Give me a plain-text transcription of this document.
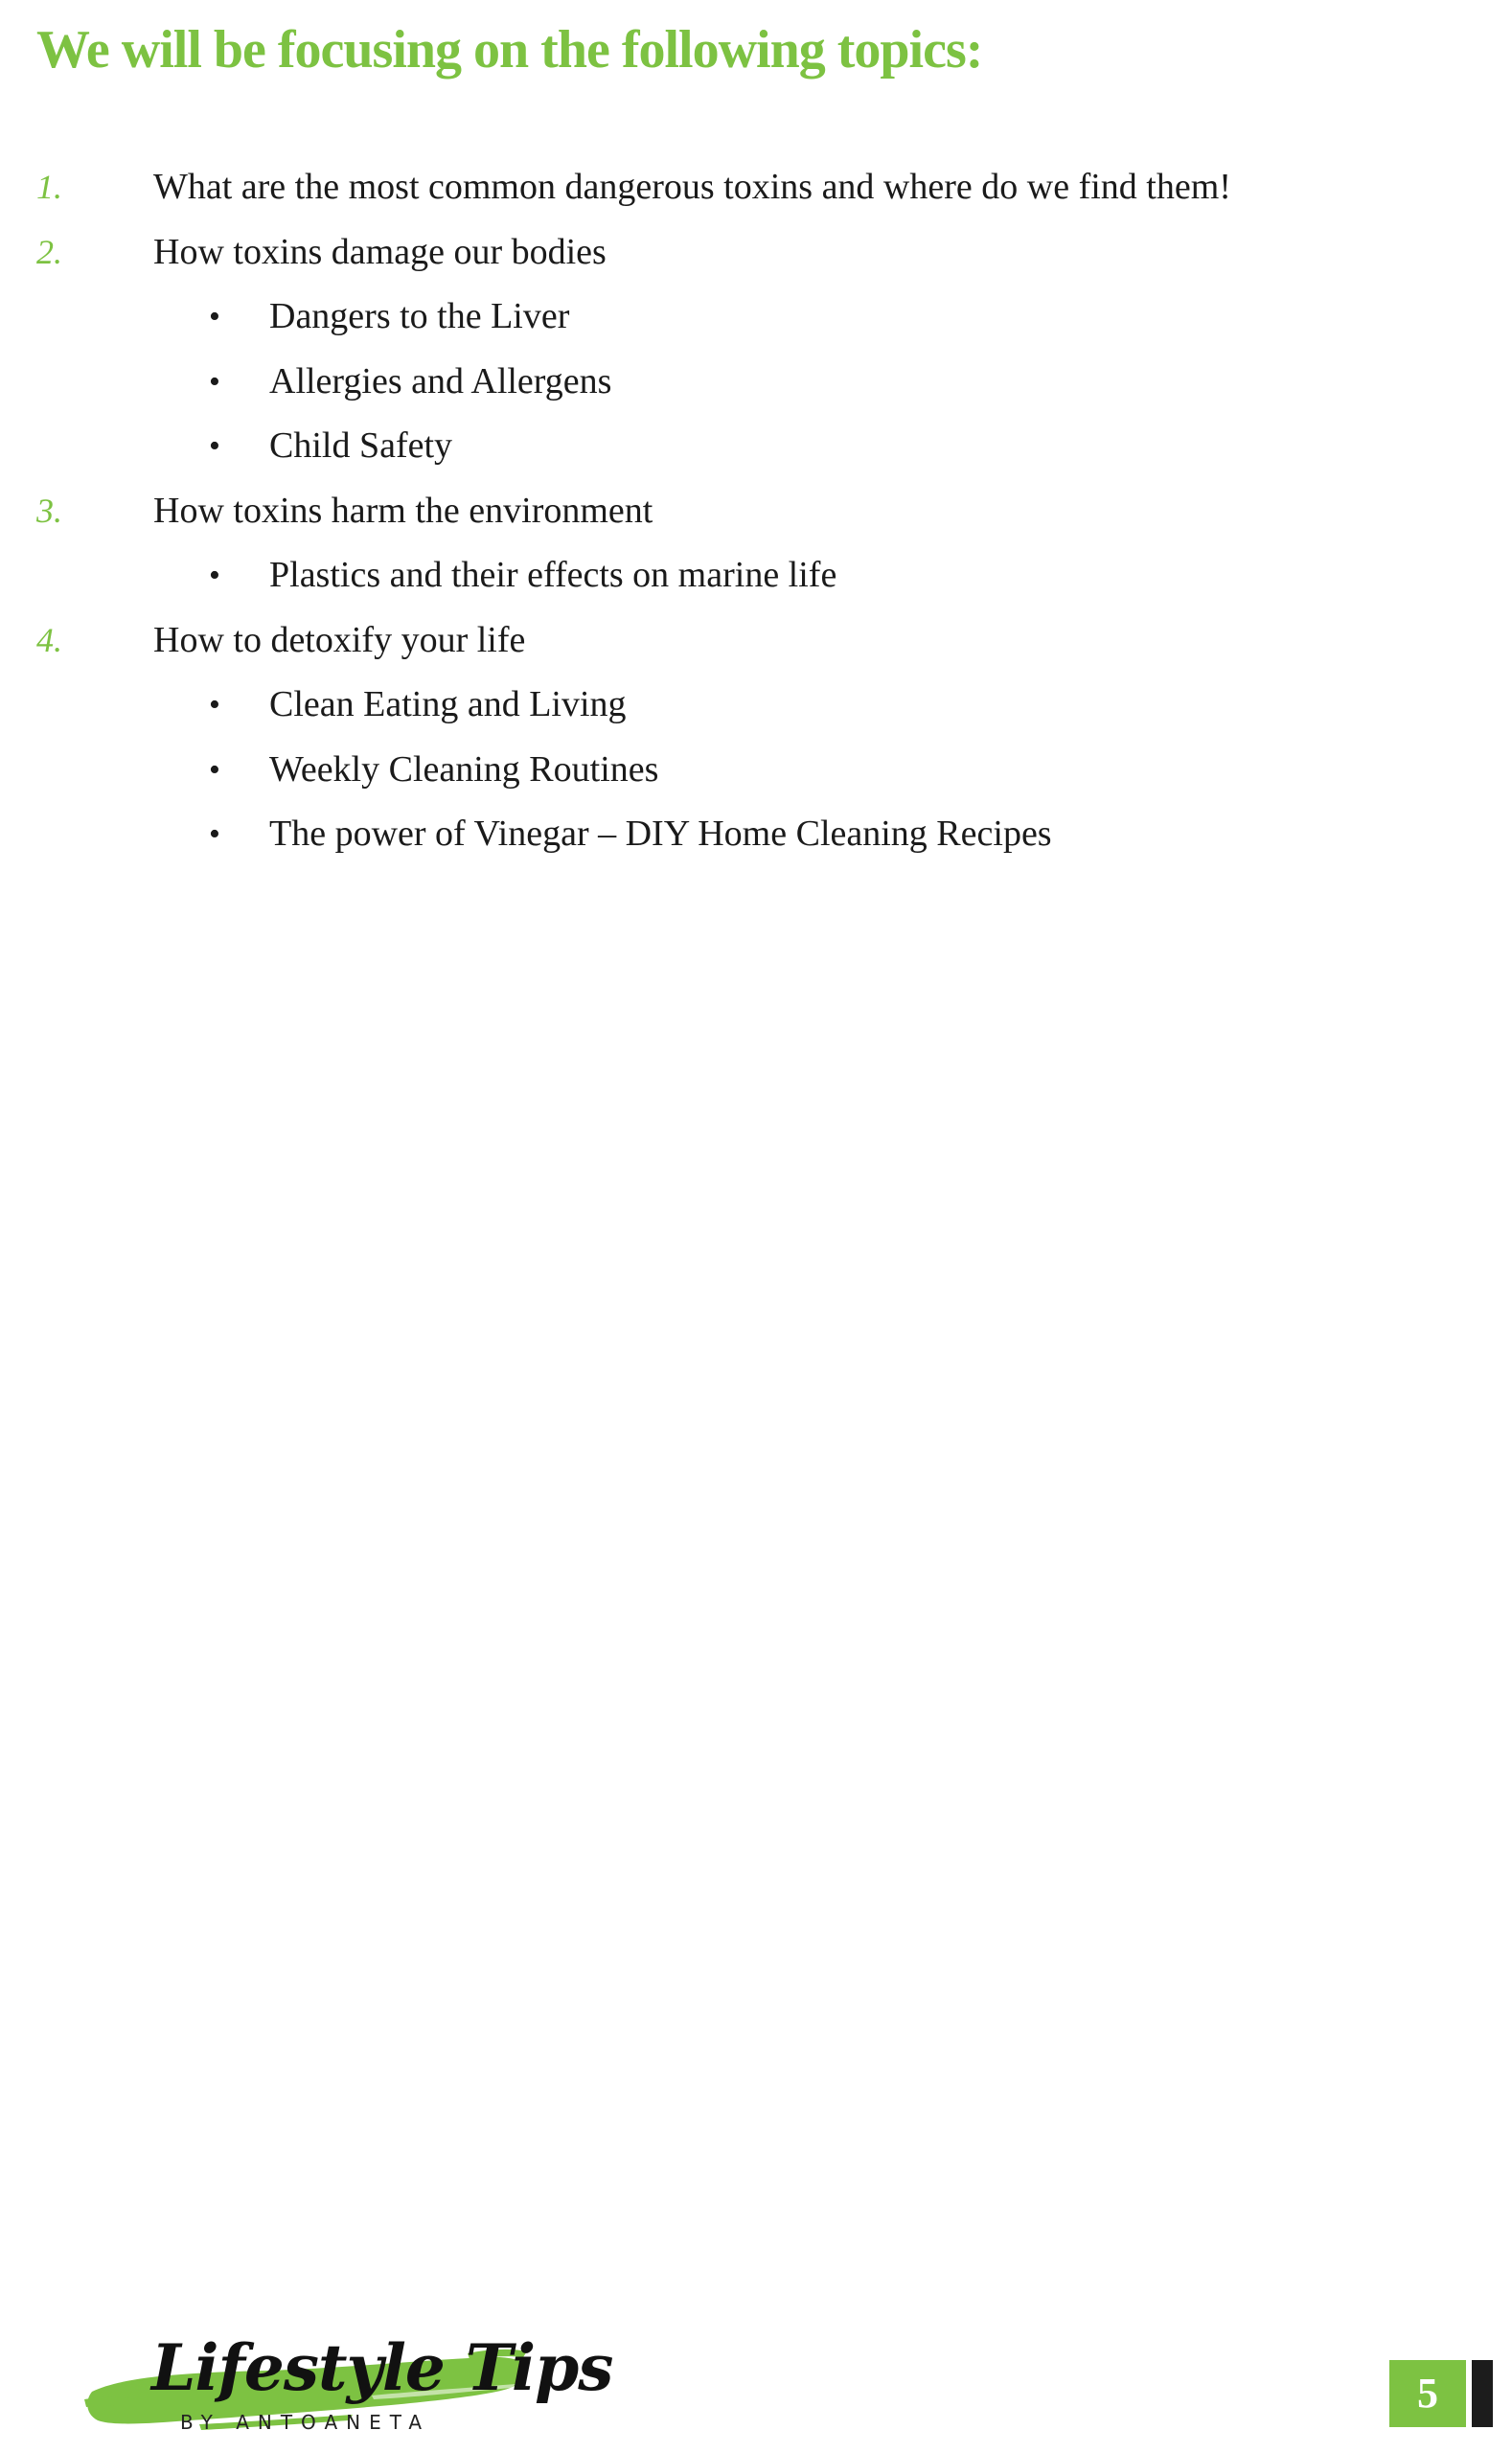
We will be focusing on the following topics:
1.	What are the most common dangerous toxins and where do we find them!
2.	How toxins damage our bodies
• Dangers to the Liver
• Allergies and Allergens
• Child Safety
3.	How toxins harm the environment
• Plastics and their effects on marine life
4.	How to detoxify your life
• Clean Eating and Living
• Weekly Cleaning Routines
• The power of Vinegar – DIY Home Cleaning Recipes
Lifestyle Tips
BY ANTOANETA
5
